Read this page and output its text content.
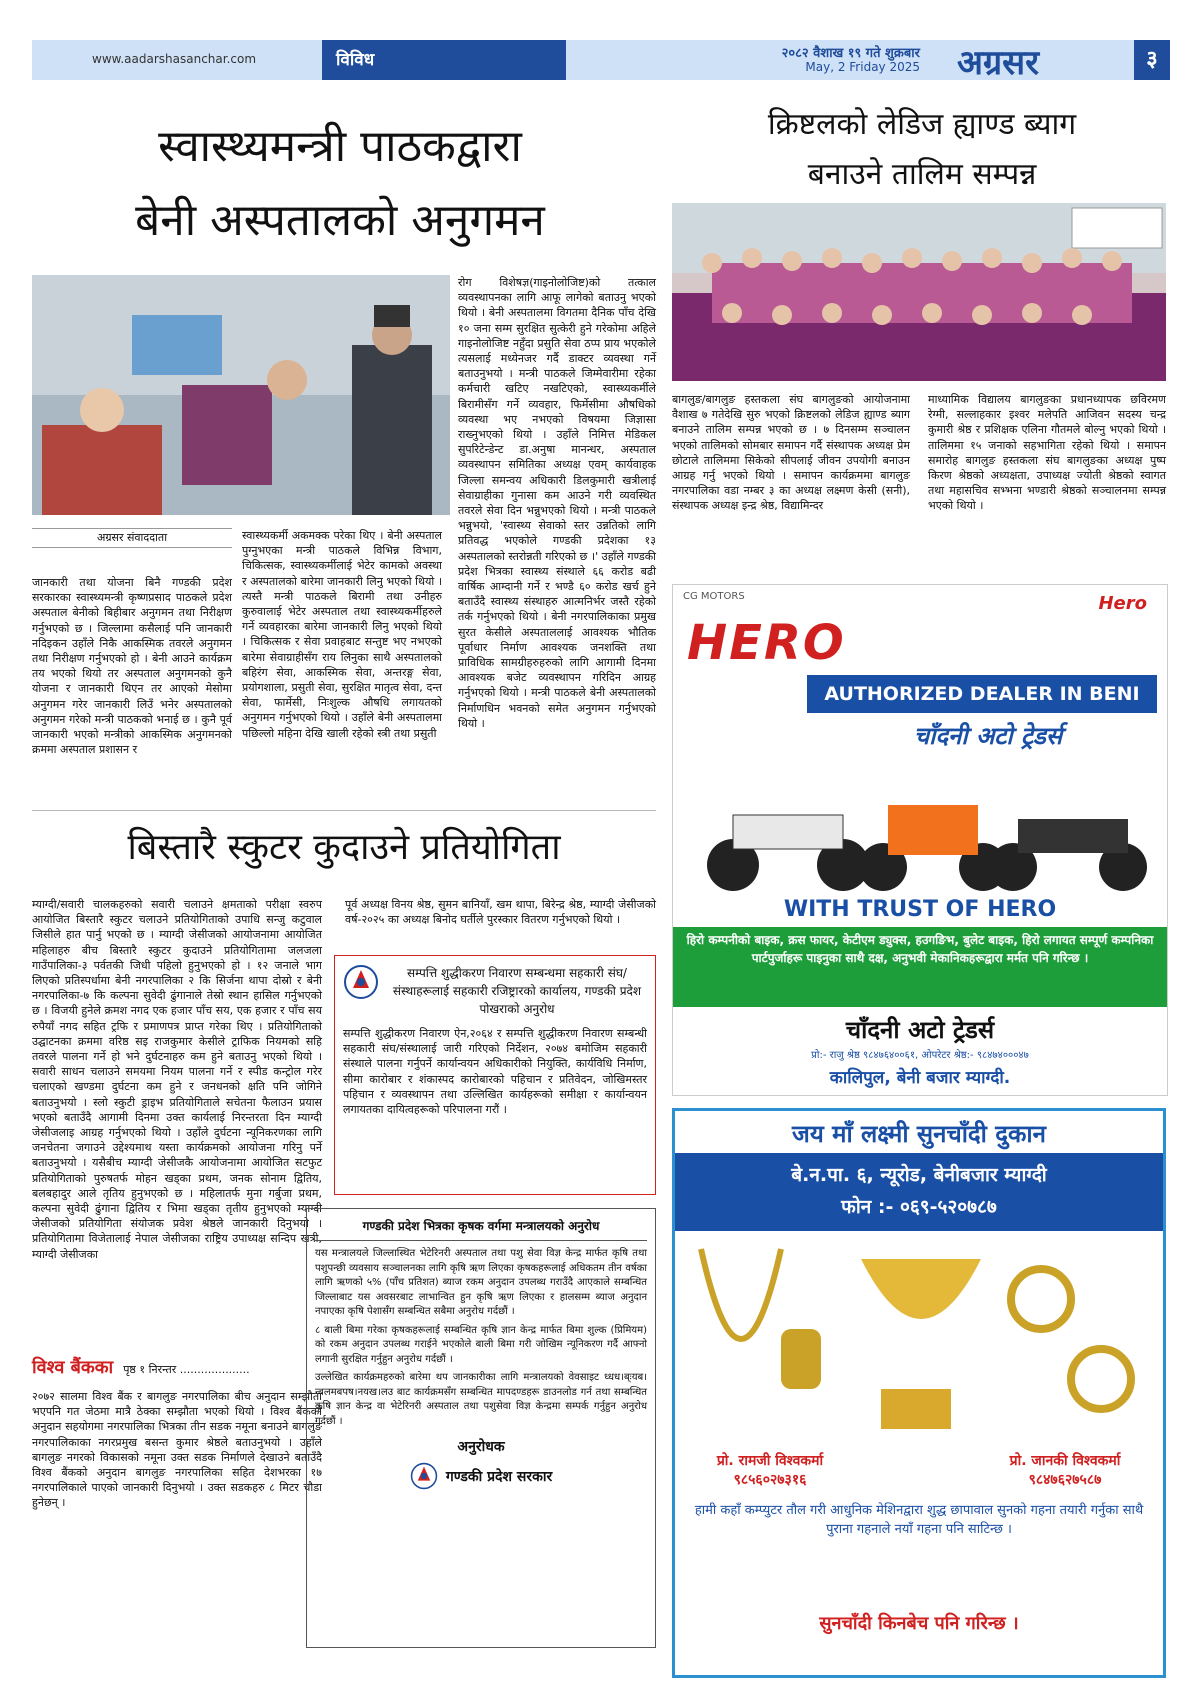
www.aadarshasanchar.com	विविध	२०८२ वैशाख १९ गते शुक्रबार
May, 2 Friday 2025 अग्रसर	३
स्वास्थ्यमन्त्री पाठकद्वारा
बेनी अस्पतालको अनुगमन
अग्रसर संवाददाता

जानकारी तथा योजना बिनै गण्डकी प्रदेश सरकारका स्वास्थ्यमन्त्री कृष्णप्रसाद पाठकले प्रदेश अस्पताल बेनीको बिहीबार अनुगमन तथा निरीक्षण गर्नुभएको छ । जिल्लामा कसैलाई पनि जानकारी नदिइकन उहाँले निकै आकस्मिक तवरले अनुगमन तथा निरीक्षण गर्नुभएको हो । बेनी आउने कार्यक्रम तय भएको थियो तर अस्पताल अनुगमनको कुनै योजना र जानकारी थिएन तर आएको मेसोमा अनुगमन गरेर जानकारी लिउँ भनेर अस्पतालको अनुगमन गरेको मन्त्री पाठकको भनाई छ । कुनै पूर्व जानकारी भएको मन्त्रीको आकस्मिक अनुगमनको क्रममा अस्पताल प्रशासन र

स्वास्थ्यकर्मी अकमक्क परेका थिए । बेनी अस्पताल पुग्नुभएका मन्त्री पाठकले विभिन्न विभाग, चिकित्सक, स्वास्थ्यकर्मीलाई भेटेर कामको अवस्था र अस्पतालको बारेमा जानकारी लिनु भएको थियो । त्यस्तै मन्त्री पाठकले बिरामी तथा उनीहरु कुरुवालाई भेटेर अस्पताल तथा स्वास्थ्यकर्मीहरुले गर्ने व्यवहारका बारेमा जानकारी लिनु भएको थियो । चिकित्सक र सेवा प्रवाहबाट सन्तुष्ट भए नभएको बारेमा सेवाग्राहीसँग राय लिनुका साथै अस्पतालको बहिरंग सेवा, आकस्मिक सेवा, अन्तरङ्ग सेवा, प्रयोगशाला, प्रसुती सेवा, सुरक्षित मातृत्व सेवा, दन्त सेवा, फार्मेसी, निःशुल्क औषधि लगायतको अनुगमन गर्नुभएको थियो । उहाँले बेनी अस्पतालमा पछिल्लो महिना देखि खाली रहेको स्त्री तथा प्रसुती

रोग विशेषज्ञ(गाइनोलोजिष्ट)को तत्काल व्यवस्थापनका लागि आफू लागेको बताउनु भएको थियो । बेनी अस्पतालमा विगतमा दैनिक पाँच देखि १० जना सम्म सुरक्षित सुत्केरी हुने गरेकोमा अहिले गाइनोलोजिष्ट नहुँदा प्रसुति सेवा ठप्प प्राय भएकोले त्यसलाई मध्येनजर गर्दै डाक्टर व्यवस्था गर्ने बताउनुभयो । मन्त्री पाठकले जिम्मेवारीमा रहेका कर्मचारी खटिए नखटिएको, स्वास्थ्यकर्मीले बिरामीसँग गर्ने व्यवहार, फिर्मेसीमा औषधिको व्यवस्था भए नभएको विषयमा जिज्ञासा राख्नुभएको थियो । उहाँले निमित्त मेडिकल सुपरिटेन्डेन्ट डा.अनुषा मानन्धर, अस्पताल व्यवस्थापन समितिका अध्यक्ष एवम् कार्यवाहक जिल्ला समन्वय अधिकारी डिलकुमारी खत्रीलाई सेवाग्राहीका गुनासा कम आउने गरी व्यवस्थित तवरले सेवा दिन भन्नुभएको थियो । मन्त्री पाठकले भन्नुभयो, 'स्वास्थ्य सेवाको स्तर उन्नतिको लागि प्रतिवद्ध भएकोले गण्डकी प्रदेशका १३ अस्पतालको स्तरोन्नती गरिएको छ ।' उहाँले गण्डकी प्रदेश भित्रका स्वास्थ्य संस्थाले ६६ करोड बढी वार्षिक आम्दानी गर्ने र भण्डै ६० करोड खर्च हुने बताउँदै स्वास्थ्य संस्थाहरु आत्मनिर्भर जस्तै रहेको तर्क गर्नुभएको थियो । बेनी नगरपालिकाका प्रमुख सुरत केसीले अस्पताललाई आवश्यक भौतिक पूर्वाधार निर्माण आवश्यक जनशक्ति तथा प्राविधिक सामग्रीहरुहरुको लागि आगामी दिनमा आवश्यक बजेट व्यवस्थापन गरिदिन आग्रह गर्नुभएको थियो । मन्त्री पाठकले बेनी अस्पतालको निर्माणधिन भवनको समेत अनुगमन गर्नुभएको थियो ।

क्रिष्टलको लेडिज ह्याण्ड ब्याग
बनाउने तालिम सम्पन्न

बागलुङ/बागलुङ हस्तकला संघ बागलुङको आयोजनामा वैशाख ७ गतेदेखि सुरु भएको क्रिष्टलको लेडिज ह्याण्ड ब्याग बनाउने तालिम सम्पन्न भएको छ । ७ दिनसम्म सञ्चालन भएको तालिमको सोमबार समापन गर्दै संस्थापक अध्यक्ष प्रेम छोटाले तालिममा सिकेको सीपलाई जीवन उपयोगी बनाउन आग्रह गर्नु भएको थियो । समापन कार्यक्रममा बागलुङ नगरपालिका वडा नम्बर ३ का अध्यक्ष लक्ष्मण केसी (सनी), संस्थापक अध्यक्ष इन्द्र श्रेष्ठ, विद्यामिन्दर

माध्यामिक विद्यालय बागलुङका प्रधानध्यापक छविरमण रेग्मी, सल्लाहकार इश्वर मलेपति आजिवन सदस्य चन्द्र कुमारी श्रेष्ठ र प्रशिक्षक एलिना गौतमले बोल्नु भएको थियो । तालिममा १५ जनाको सहभागिता रहेको थियो । समापन समारोह बागलुङ हस्तकला संघ बागलुङका अध्यक्ष पुष्प किरण श्रेष्ठको अध्यक्षता, उपाध्यक्ष ज्योती श्रेष्ठको स्वागत तथा महासचिव सभ्भना भण्डारी श्रेष्ठको सञ्चालनमा सम्पन्न भएको थियो ।

बिस्तारै स्कुटर कुदाउने प्रतियोगिता

म्याग्दी/सवारी चालकहरुको सवारी चलाउने क्षमताको परीक्षा स्वरुप आयोजित बिस्तारै स्कुटर चलाउने प्रतियोगिताको उपाधि सन्जु कटुवाल जिसीले हात पार्नु भएको छ । म्याग्दी जेसीजको आयोजनामा आयोजित महिलाहरु बीच बिस्तारै स्कुटर कुदाउने प्रतियोगितामा जलजला गाउँपालिका-३ पर्वतकी जिधी पहिलो हुनुभएको हो । १२ जनाले भाग लिएको प्रतिस्पर्धामा बेनी नगरपालिका २ कि सिर्जना थापा दोस्रो र बेनी नगरपालिका-७ कि कल्पना सुवेदी ढुंगानाले तेस्रो स्थान हासिल गर्नुभएको छ । विजयी हुनेले क्रमश नगद एक हजार पाँच सय, एक हजार र पाँच सय रुपैयाँ नगद सहित ट्रफि र प्रमाणपत्र प्राप्त गरेका थिए । प्रतियोगिताको उद्घाटनका क्रममा वरिष्ठ सइ राजकुमार केसीले ट्राफिक नियमको सहि तवरले पालना गर्ने हो भने दुर्घटनाहरु कम हुने बताउनु भएको थियो । सवारी साधन चलाउने समयमा नियम पालना गर्ने र स्पीड कन्ट्रोल गरेर चलाएको खण्डमा दुर्घटना कम हुने र जनधनको क्षति पनि जोगिने बताउनुभयो । स्लो स्कुटी ड्राइभ प्रतियोगिताले सचेतना फैलाउन प्रयास भएको बताउँदै आगामी दिनमा उक्त कार्यलाई निरन्तरता दिन म्याग्दी जेसीजलाइ आग्रह गर्नुभएको थियो । उहाँले दुर्घटना न्यूनिकरणका लागि जनचेतना जगाउने उद्देश्यमाथ यस्ता कार्यक्रमको आयोजना गरिनु पर्ने बताउनुभयो । यसैबीच म्याग्दी जेसीजकै आयोजनामा आयोजित सटफुट प्रतियोगिताको पुरुषतर्फ मोहन खड्का प्रथम, जनक सोनाम द्वितिय, बलबहादुर आले तृतिय हुनुभएको छ । महिलातर्फ मुना गर्बुजा प्रथम, कल्पना सुवेदी ढुंगाना द्वितिय र भिमा खड्का तृतीय हुनुभएको म्याग्दी जेसीजको प्रतियोगिता संयोजक प्रवेश श्रेष्ठले जानकारी दिनुभयो । प्रतियोगितामा विजेतालाई नेपाल जेसीजका राष्ट्रिय उपाध्यक्ष सन्दिप खत्री, म्याग्दी जेसीजका

पूर्व अध्यक्ष विनय श्रेष्ठ, सुमन बानियाँ, खम थापा, बिरेन्द्र श्रेष्ठ, म्याग्दी जेसीजको वर्ष-२०२५ का अध्यक्ष बिनोद घर्तीले पुरस्कार वितरण गर्नुभएको थियो ।

विश्व बैंकका पृष्ठ १ निरन्तर ....................
२०७२ सालमा विश्व बैंक र बागलुङ नगरपालिका बीच अनुदान सम्झौता भएपनि गत जेठमा मात्रै ठेक्का सम्झौता भएको थियो । विश्व बैंकको अनुदान सहयोगमा नगरपालिका भित्रका तीन सडक नमूना बनाउने बागलुङ नगरपालिकाका नगरप्रमुख बसन्त कुमार श्रेष्ठले बताउनुभयो । उहाँले बागलुङ नगरको विकासको नमूना उक्त सडक निर्माणले देखाउने बताउँदै विश्व बैंकको अनुदान बागलुङ नगरपालिका सहित देशभरका १७ नगरपालिकाले पाएको जानकारी दिनुभयो । उक्त सडकहरु ८ मिटर चौडा हुनेछन् ।
सम्पत्ति शुद्धीकरण निवारण सम्बन्धमा सहकारी संघ/संस्थाहरूलाई सहकारी रजिष्ट्रारको कार्यालय, गण्डकी प्रदेश पोखराको अनुरोध
सम्पत्ति शुद्धीकरण निवारण ऐन,२०६४ र सम्पत्ति शुद्धीकरण निवारण सम्बन्धी सहकारी संघ/संस्थालाई जारी गरिएको निर्देशन, २०७४ बमोजिम सहकारी संस्थाले पालना गर्नुपर्ने कार्यान्वयन अधिकारीको नियुक्ति, कार्यविधि निर्माण, सीमा कारोबार र शंकास्पद कारोबारको पहिचान र प्रतिवेदन, जोखिमस्तर पहिचान र व्यवस्थापन तथा उल्लिखित कार्यहरूको समीक्षा र कार्यान्वयन लगायतका दायित्वहरूको परिपालना गरौं ।
गण्डकी प्रदेश भित्रका कृषक वर्गमा मन्त्रालयको अनुरोध
यस मन्त्रालयले जिल्लास्थित भेटेरिनरी अस्पताल तथा पशु सेवा विज्ञ केन्द्र मार्फत कृषि तथा पशुपन्छी व्यवसाय सञ्चालनका लागि कृषि ऋण लिएका कृषकहरूलाई अधिकतम तीन वर्षका लागि ऋणको ५% (पाँच प्रतिशत) ब्याज रकम अनुदान उपलब्ध गराउँदै आएकाले सम्बन्धित जिल्लाबाट यस अवसरबाट लाभान्वित हुन कृषि ऋण लिएका र हालसम्म ब्याज अनुदान नपाएका कृषि पेशासँग सम्बन्धित सबैमा अनुरोध गर्दछौं ।
८ बाली बिमा गरेका कृषकहरूलाई सम्बन्धित कृषि ज्ञान केन्द्र मार्फत बिमा शुल्क (प्रिमियम) को रकम अनुदान उपलब्ध गराईने भएकोले बाली बिमा गरी जोखिम न्यूनिकरण गर्दै आफ्नो लगानी सुरक्षित गर्नुहुन अनुरोध गर्दछौं ।
उल्लेखित कार्यक्रमहरुको बारेमा थप जानकारीका लागि मन्त्रालयको वेवसाइट ध्धध।ब्ःयब।न्बलमबपष।नयख।लउ बाट कार्यक्रमसँग सम्बन्धित मापदण्डहरू डाउनलोड गर्न तथा सम्बन्धित कृषि ज्ञान केन्द्र वा भेटेरिनरी अस्पताल तथा पशुसेवा विज्ञ केन्द्रमा सम्पर्क गर्नुहुन अनुरोध गर्दछौं ।
अनुरोधक
गण्डकी प्रदेश सरकार
CG MOTORS	Hero
HERO
AUTHORIZED DEALER IN BENI
चाँदनी अटो ट्रेडर्स
WITH TRUST OF HERO
हिरो कम्पनीको बाइक, क्रस फायर, केटीएम ड्युक्स, हउगङिभ, बुलेट बाइक, हिरो लगायत सम्पूर्ण कम्पनिका पार्टपुर्जाहरू पाइनुका साथै दक्ष, अनुभवी मेकानिकहरूद्वारा मर्मत पनि गरिन्छ ।
चाँदनी अटो ट्रेडर्स
प्रो:- राजु श्रेष्ठ ९८४७६४००६१, ओपरेटर श्रेष्ठ:- ९८४७४०००४७
कालिपुल, बेनी बजार म्याग्दी.
जय माँ लक्ष्मी सुनचाँदी दुकान
बे.न.पा. ६, न्यूरोड, बेनीबजार म्याग्दी
फोन :- ०६९-५२०७८७
प्रो. रामजी विश्वकर्मा
९८५६०२७३१६
प्रो. जानकी विश्वकर्मा
९८४७६२७५८७
हामी कहाँ कम्प्युटर तौल गरी आधुनिक मेशिनद्वारा शुद्ध छापावाल सुनको गहना तयारी गर्नुका साथै पुराना गहनाले नयाँ गहना पनि साटिन्छ ।
सुनचाँदी किनबेच पनि गरिन्छ ।
